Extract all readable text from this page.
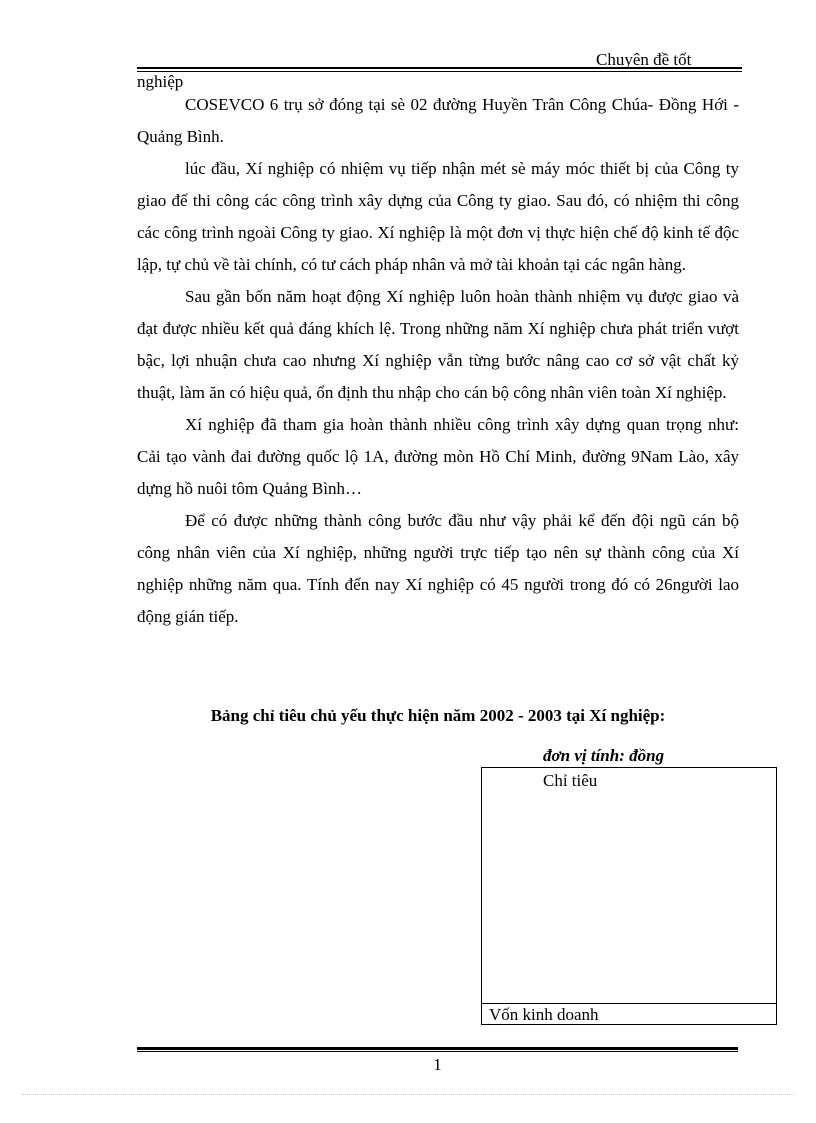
Chuyên đề tốt
nghiệp

COSEVCO 6 trụ sở đóng tại sè 02 đường Huyền Trân Công Chúa- Đồng Hới - Quảng Bình.

lúc đầu, Xí nghiệp có nhiệm vụ tiếp nhận mét sè máy móc thiết bị của Công ty giao để thi công các công trình xây dựng của Công ty giao. Sau đó, có nhiệm thi công các công trình ngoài Công ty giao. Xí nghiệp là một đơn vị thực hiện chế độ kinh tế độc lập, tự chủ về tài chính, có tư cách pháp nhân và mở tài khoản tại các ngân hàng.

Sau gần bốn năm hoạt động Xí nghiệp luôn hoàn thành nhiệm vụ được giao và đạt được nhiều kết quả đáng khích lệ. Trong những năm Xí nghiệp chưa phát triển vượt bậc, lợi nhuận chưa cao nhưng Xí nghiệp vẫn từng bước nâng cao cơ sở vật chất kỷ thuật, làm ăn có hiệu quả, ổn định thu nhập cho cán bộ công nhân viên toàn Xí nghiệp.

Xí nghiệp đã tham gia hoàn thành nhiều công trình xây dựng quan trọng như: Cải tạo vành đai đường quốc lộ 1A, đường mòn Hồ Chí Minh, đường 9Nam Lào, xây dựng hồ nuôi tôm Quảng Bình…

Để có được những thành công bước đầu như vậy phải kể đến đội ngũ cán bộ công nhân viên của Xí nghiệp, những người trực tiếp tạo nên sự thành công của Xí nghiệp những năm qua. Tính đến nay Xí nghiệp có 45 người trong đó có 26người lao động gián tiếp.

Bảng chỉ tiêu chủ yếu thực hiện năm 2002 - 2003 tại Xí nghiệp:
đơn vị tính: đồng
Chỉ tiêu
Vốn kinh doanh
1
